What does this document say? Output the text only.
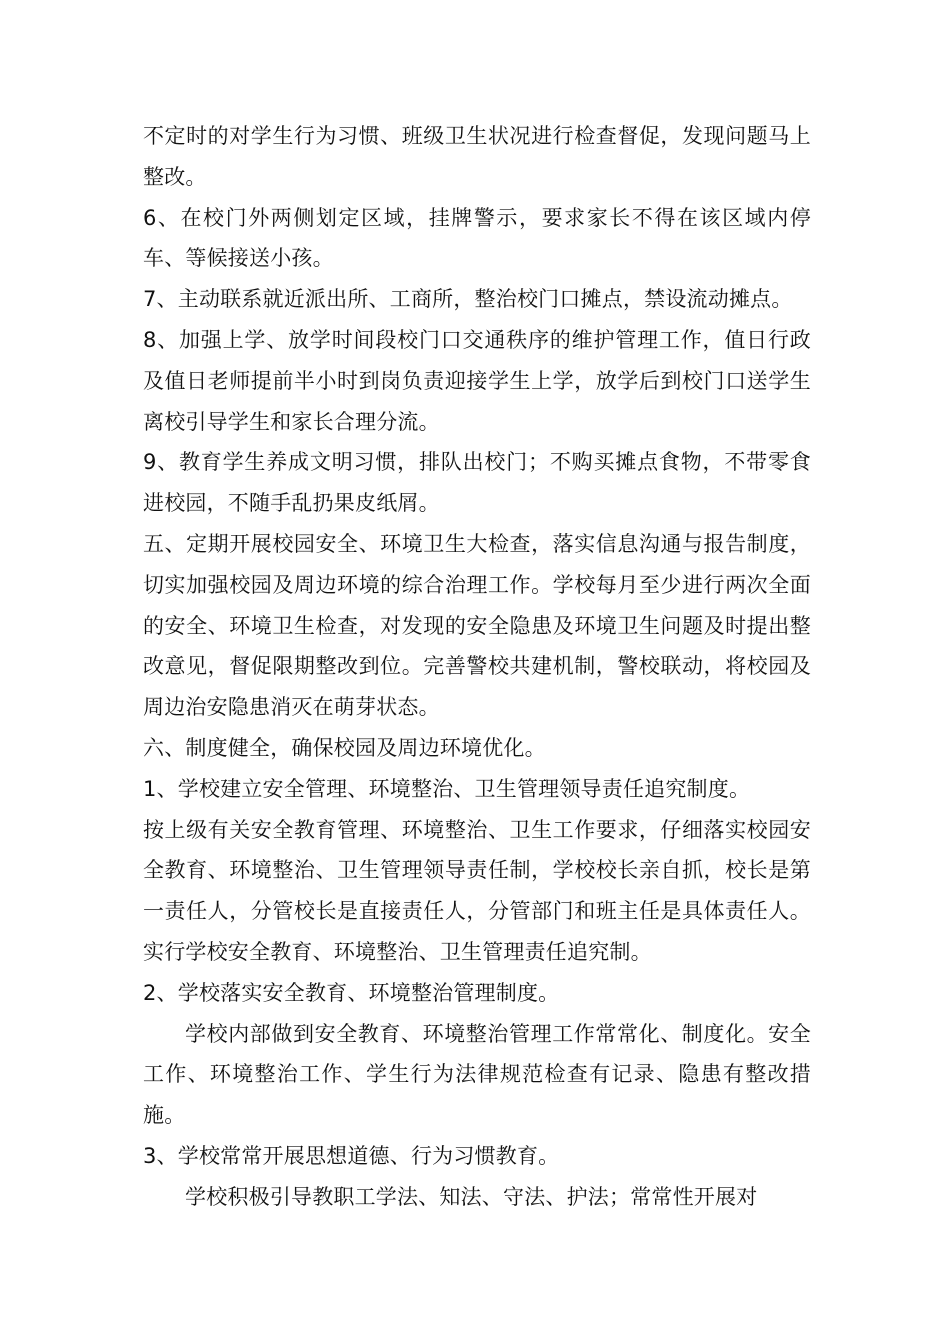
不定时的对学生行为习惯、班级卫生状况进行检查督促，发现问题马上整改。

6、在校门外两侧划定区域，挂牌警示，要求家长不得在该区域内停车、等候接送小孩。

7、主动联系就近派出所、工商所，整治校门口摊点，禁设流动摊点。

8、加强上学、放学时间段校门口交通秩序的维护管理工作，值日行政及值日老师提前半小时到岗负责迎接学生上学，放学后到校门口送学生离校引导学生和家长合理分流。

9、教育学生养成文明习惯，排队出校门；不购买摊点食物，不带零食进校园，不随手乱扔果皮纸屑。

五、定期开展校园安全、环境卫生大检查，落实信息沟通与报告制度，切实加强校园及周边环境的综合治理工作。学校每月至少进行两次全面的安全、环境卫生检查，对发现的安全隐患及环境卫生问题及时提出整改意见，督促限期整改到位。完善警校共建机制，警校联动，将校园及周边治安隐患消灭在萌芽状态。

六、制度健全，确保校园及周边环境优化。

1、学校建立安全管理、环境整治、卫生管理领导责任追究制度。

按上级有关安全教育管理、环境整治、卫生工作要求，仔细落实校园安全教育、环境整治、卫生管理领导责任制，学校校长亲自抓，校长是第一责任人，分管校长是直接责任人，分管部门和班主任是具体责任人。实行学校安全教育、环境整治、卫生管理责任追究制。

2、学校落实安全教育、环境整治管理制度。

学校内部做到安全教育、环境整治管理工作常常化、制度化。安全工作、环境整治工作、学生行为法律规范检查有记录、隐患有整改措施。

3、学校常常开展思想道德、行为习惯教育。

学校积极引导教职工学法、知法、守法、护法；常常性开展对
